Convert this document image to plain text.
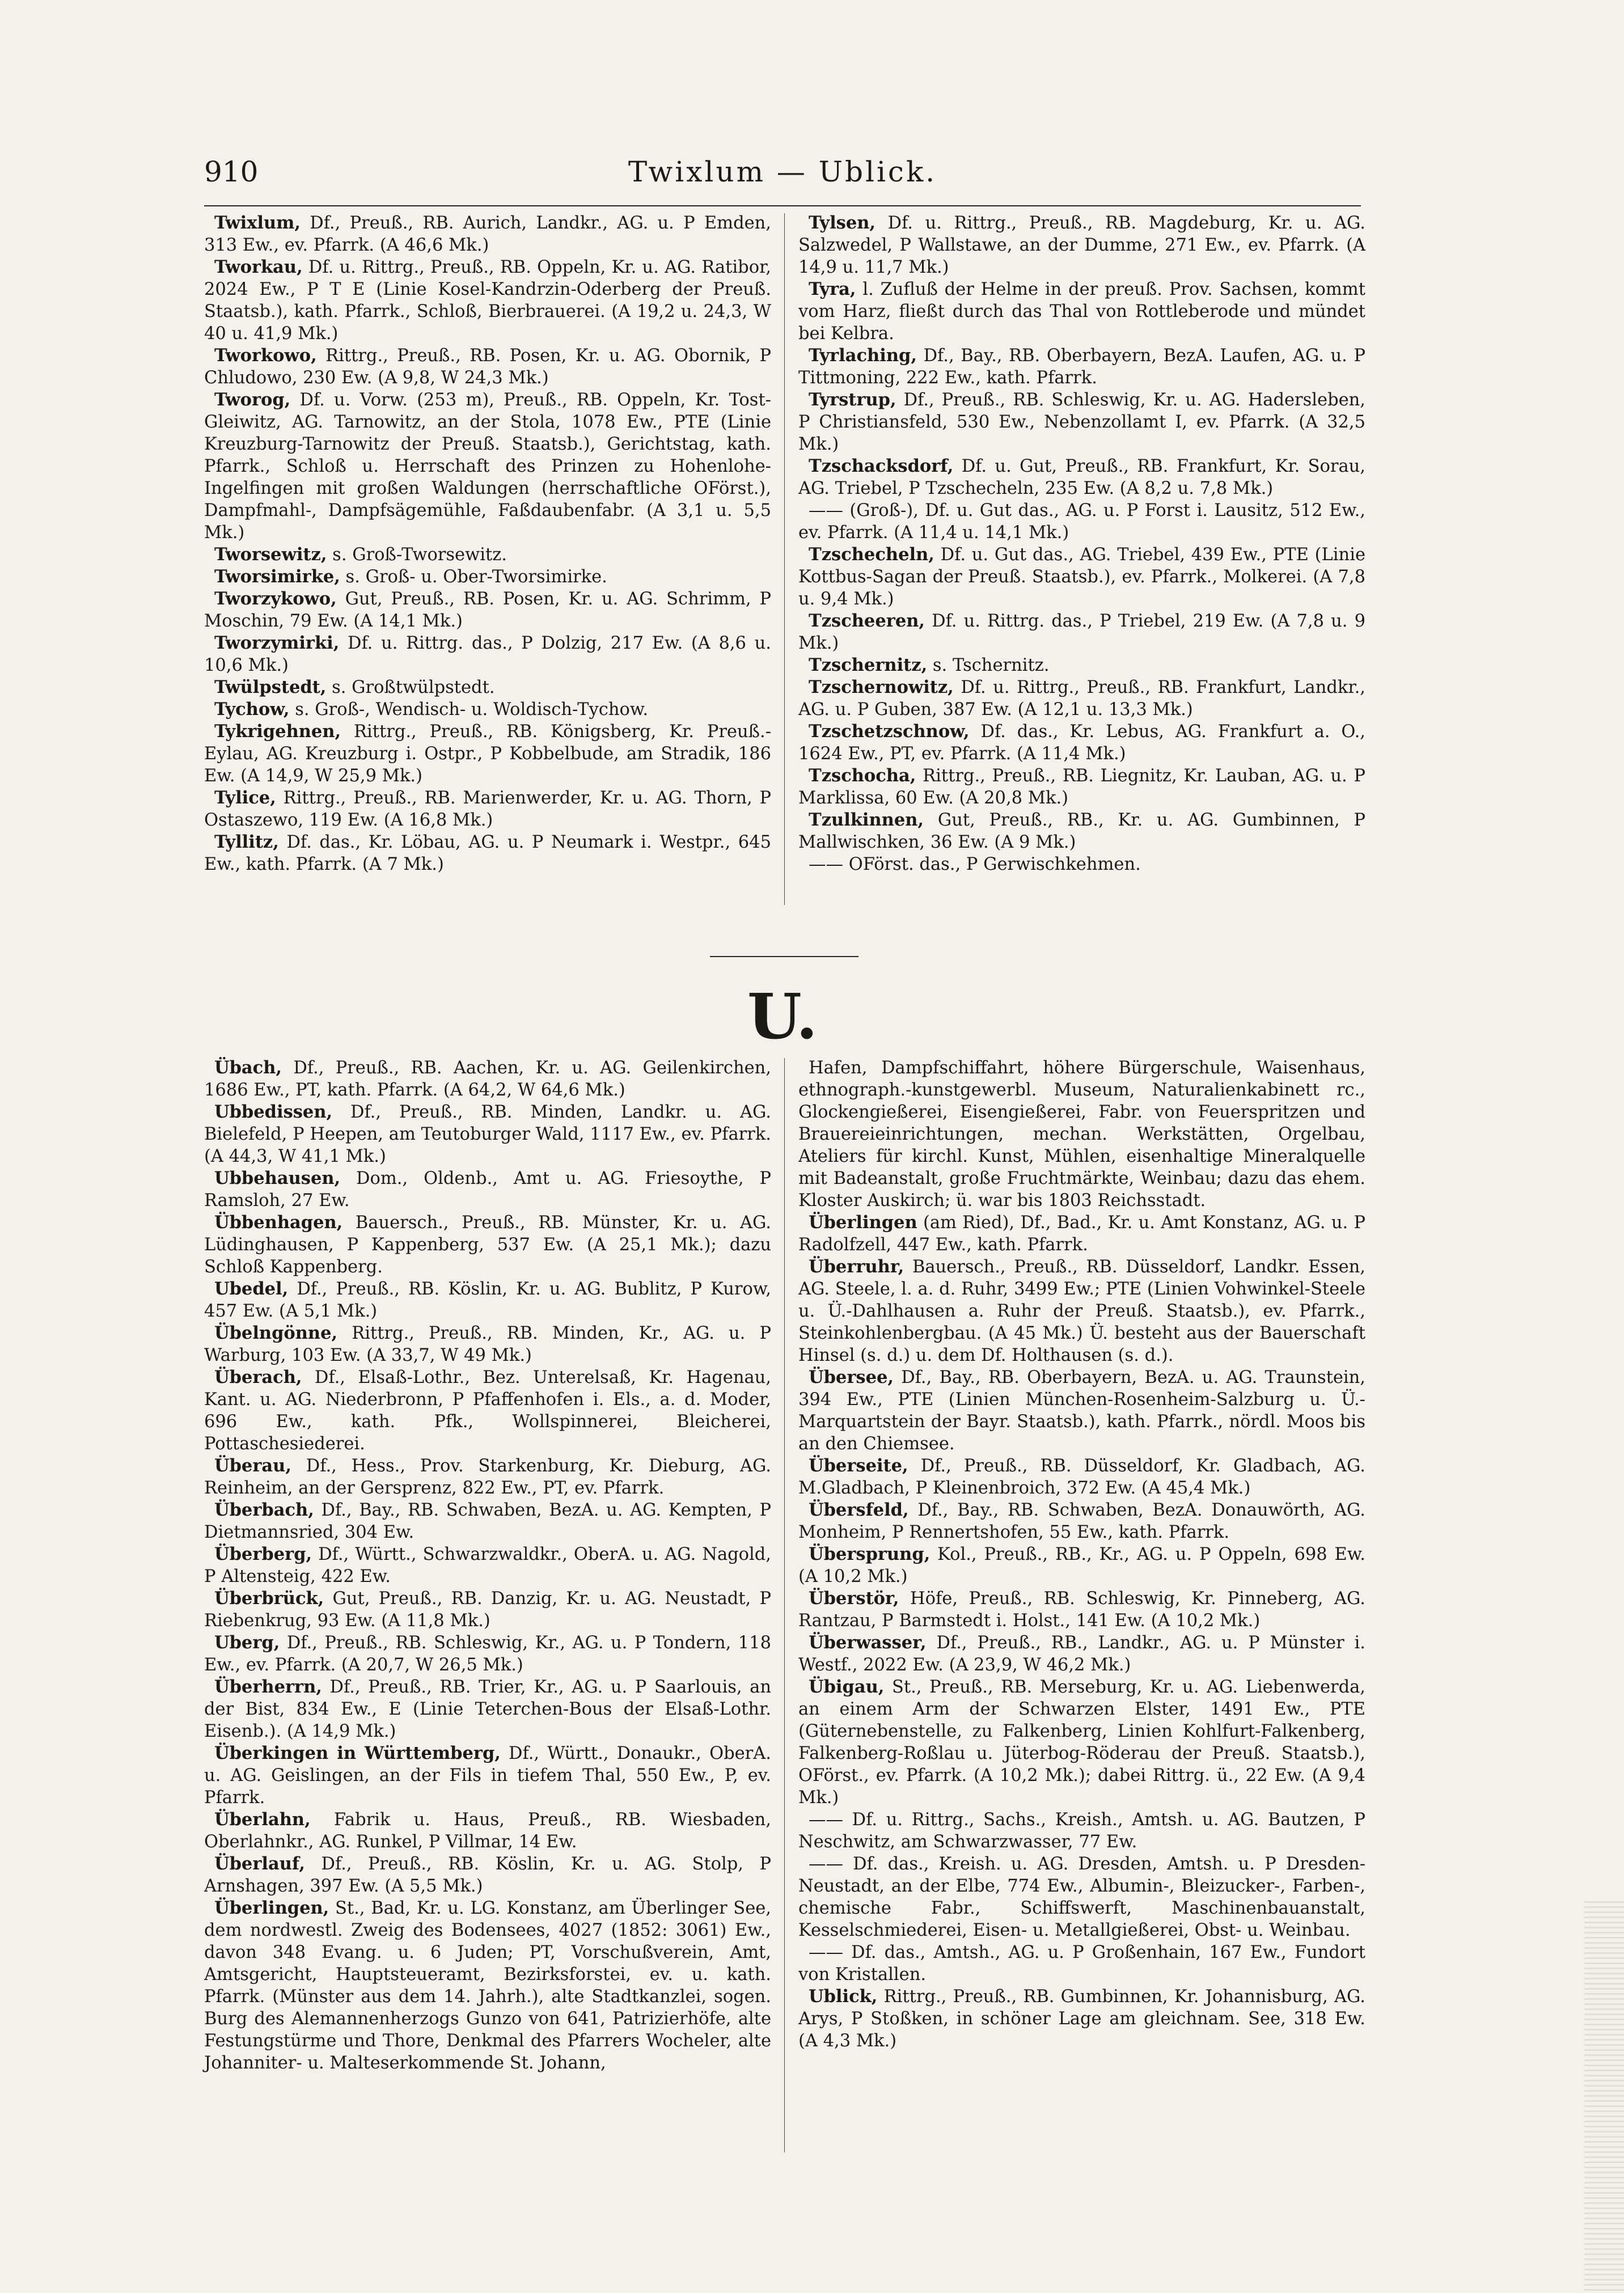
910	Twixlum — Ublick.

Twixlum, Df., Preuß., RB. Aurich, Landkr., AG. u. P Emden, 313 Ew., ev. Pfarrk. (A 46,6 Mk.)

Tworkau, Df. u. Rittrg., Preuß., RB. Oppeln, Kr. u. AG. Ratibor, 2024 Ew., P T E (Linie Kosel-Kandrzin-Oderberg der Preuß. Staatsb.), kath. Pfarrk., Schloß, Bierbrauerei. (A 19,2 u. 24,3, W 40 u. 41,9 Mk.)

Tworkowo, Rittrg., Preuß., RB. Posen, Kr. u. AG. Obornik, P Chludowo, 230 Ew. (A 9,8, W 24,3 Mk.)

Tworog, Df. u. Vorw. (253 m), Preuß., RB. Oppeln, Kr. Tost-Gleiwitz, AG. Tarnowitz, an der Stola, 1078 Ew., PTE (Linie Kreuzburg-Tarnowitz der Preuß. Staatsb.), Gerichtstag, kath. Pfarrk., Schloß u. Herrschaft des Prinzen zu Hohenlohe-Ingelfingen mit großen Waldungen (herrschaftliche OFörst.), Dampfmahl-, Dampfsägemühle, Faßdaubenfabr. (A 3,1 u. 5,5 Mk.)

Tworsewitz, s. Groß-Tworsewitz.

Tworsimirke, s. Groß- u. Ober-Tworsimirke.

Tworzykowo, Gut, Preuß., RB. Posen, Kr. u. AG. Schrimm, P Moschin, 79 Ew. (A 14,1 Mk.)

Tworzymirki, Df. u. Rittrg. das., P Dolzig, 217 Ew. (A 8,6 u. 10,6 Mk.)

Twülpstedt, s. Großtwülpstedt.

Tychow, s. Groß-, Wendisch- u. Woldisch-Tychow.

Tykrigehnen, Rittrg., Preuß., RB. Königsberg, Kr. Preuß.-Eylau, AG. Kreuzburg i. Ostpr., P Kobbelbude, am Stradik, 186 Ew. (A 14,9, W 25,9 Mk.)

Tylice, Rittrg., Preuß., RB. Marienwerder, Kr. u. AG. Thorn, P Ostaszewo, 119 Ew. (A 16,8 Mk.)

Tyllitz, Df. das., Kr. Löbau, AG. u. P Neumark i. Westpr., 645 Ew., kath. Pfarrk. (A 7 Mk.)

Tylsen, Df. u. Rittrg., Preuß., RB. Magdeburg, Kr. u. AG. Salzwedel, P Wallstawe, an der Dumme, 271 Ew., ev. Pfarrk. (A 14,9 u. 11,7 Mk.)

Tyra, l. Zufluß der Helme in der preuß. Prov. Sachsen, kommt vom Harz, fließt durch das Thal von Rottleberode und mündet bei Kelbra.

Tyrlaching, Df., Bay., RB. Oberbayern, BezA. Laufen, AG. u. P Tittmoning, 222 Ew., kath. Pfarrk.

Tyrstrup, Df., Preuß., RB. Schleswig, Kr. u. AG. Hadersleben, P Christiansfeld, 530 Ew., Nebenzollamt I, ev. Pfarrk. (A 32,5 Mk.)

Tzschacksdorf, Df. u. Gut, Preuß., RB. Frankfurt, Kr. Sorau, AG. Triebel, P Tzschecheln, 235 Ew. (A 8,2 u. 7,8 Mk.)

—— (Groß-), Df. u. Gut das., AG. u. P Forst i. Lausitz, 512 Ew., ev. Pfarrk. (A 11,4 u. 14,1 Mk.)

Tzschecheln, Df. u. Gut das., AG. Triebel, 439 Ew., PTE (Linie Kottbus-Sagan der Preuß. Staatsb.), ev. Pfarrk., Molkerei. (A 7,8 u. 9,4 Mk.)

Tzscheeren, Df. u. Rittrg. das., P Triebel, 219 Ew. (A 7,8 u. 9 Mk.)

Tzschernitz, s. Tschernitz.

Tzschernowitz, Df. u. Rittrg., Preuß., RB. Frankfurt, Landkr., AG. u. P Guben, 387 Ew. (A 12,1 u. 13,3 Mk.)

Tzschetzschnow, Df. das., Kr. Lebus, AG. Frankfurt a. O., 1624 Ew., PT, ev. Pfarrk. (A 11,4 Mk.)

Tzschocha, Rittrg., Preuß., RB. Liegnitz, Kr. Lauban, AG. u. P Marklissa, 60 Ew. (A 20,8 Mk.)

Tzulkinnen, Gut, Preuß., RB., Kr. u. AG. Gumbinnen, P Mallwischken, 36 Ew. (A 9 Mk.)

—— OFörst. das., P Gerwischkehmen.

U.

Übach, Df., Preuß., RB. Aachen, Kr. u. AG. Geilenkirchen, 1686 Ew., PT, kath. Pfarrk. (A 64,2, W 64,6 Mk.)

Ubbedissen, Df., Preuß., RB. Minden, Landkr. u. AG. Bielefeld, P Heepen, am Teutoburger Wald, 1117 Ew., ev. Pfarrk. (A 44,3, W 41,1 Mk.)

Ubbehausen, Dom., Oldenb., Amt u. AG. Friesoythe, P Ramsloh, 27 Ew.

Übbenhagen, Bauersch., Preuß., RB. Münster, Kr. u. AG. Lüdinghausen, P Kappenberg, 537 Ew. (A 25,1 Mk.); dazu Schloß Kappenberg.

Ubedel, Df., Preuß., RB. Köslin, Kr. u. AG. Bublitz, P Kurow, 457 Ew. (A 5,1 Mk.)

Übelngönne, Rittrg., Preuß., RB. Minden, Kr., AG. u. P Warburg, 103 Ew. (A 33,7, W 49 Mk.)

Überach, Df., Elsaß-Lothr., Bez. Unterelsaß, Kr. Hagenau, Kant. u. AG. Niederbronn, P Pfaffenhofen i. Els., a. d. Moder, 696 Ew., kath. Pfk., Wollspinnerei, Bleicherei, Pottaschesiederei.

Überau, Df., Hess., Prov. Starkenburg, Kr. Dieburg, AG. Reinheim, an der Gersprenz, 822 Ew., PT, ev. Pfarrk.

Überbach, Df., Bay., RB. Schwaben, BezA. u. AG. Kempten, P Dietmannsried, 304 Ew.

Überberg, Df., Württ., Schwarzwaldkr., OberA. u. AG. Nagold, P Altensteig, 422 Ew.

Überbrück, Gut, Preuß., RB. Danzig, Kr. u. AG. Neustadt, P Riebenkrug, 93 Ew. (A 11,8 Mk.)

Uberg, Df., Preuß., RB. Schleswig, Kr., AG. u. P Tondern, 118 Ew., ev. Pfarrk. (A 20,7, W 26,5 Mk.)

Überherrn, Df., Preuß., RB. Trier, Kr., AG. u. P Saarlouis, an der Bist, 834 Ew., E (Linie Teterchen-Bous der Elsaß-Lothr. Eisenb.). (A 14,9 Mk.)

Überkingen in Württemberg, Df., Württ., Donaukr., OberA. u. AG. Geislingen, an der Fils in tiefem Thal, 550 Ew., P, ev. Pfarrk.

Überlahn, Fabrik u. Haus, Preuß., RB. Wiesbaden, Oberlahnkr., AG. Runkel, P Villmar, 14 Ew.

Überlauf, Df., Preuß., RB. Köslin, Kr. u. AG. Stolp, P Arnshagen, 397 Ew. (A 5,5 Mk.)

Überlingen, St., Bad, Kr. u. LG. Konstanz, am Überlinger See, dem nordwestl. Zweig des Bodensees, 4027 (1852: 3061) Ew., davon 348 Evang. u. 6 Juden; PT, Vorschußverein, Amt, Amtsgericht, Hauptsteueramt, Bezirksforstei, ev. u. kath. Pfarrk. (Münster aus dem 14. Jahrh.), alte Stadtkanzlei, sogen. Burg des Alemannenherzogs Gunzo von 641, Patrizierhöfe, alte Festungstürme und Thore, Denkmal des Pfarrers Wocheler, alte Johanniter- u. Malteserkommende St. Johann,

Hafen, Dampfschiffahrt, höhere Bürgerschule, Waisenhaus, ethnograph.-kunstgewerbl. Museum, Naturalienkabinett rc., Glockengießerei, Eisengießerei, Fabr. von Feuerspritzen und Brauereieinrichtungen, mechan. Werkstätten, Orgelbau, Ateliers für kirchl. Kunst, Mühlen, eisenhaltige Mineralquelle mit Badeanstalt, große Fruchtmärkte, Weinbau; dazu das ehem. Kloster Auskirch; ü. war bis 1803 Reichsstadt.

Überlingen (am Ried), Df., Bad., Kr. u. Amt Konstanz, AG. u. P Radolfzell, 447 Ew., kath. Pfarrk.

Überruhr, Bauersch., Preuß., RB. Düsseldorf, Landkr. Essen, AG. Steele, l. a. d. Ruhr, 3499 Ew.; PTE (Linien Vohwinkel-Steele u. Ü.-Dahlhausen a. Ruhr der Preuß. Staatsb.), ev. Pfarrk., Steinkohlenbergbau. (A 45 Mk.) Ü. besteht aus der Bauerschaft Hinsel (s. d.) u. dem Df. Holthausen (s. d.).

Übersee, Df., Bay., RB. Oberbayern, BezA. u. AG. Traunstein, 394 Ew., PTE (Linien München-Rosenheim-Salzburg u. Ü.-Marquartstein der Bayr. Staatsb.), kath. Pfarrk., nördl. Moos bis an den Chiemsee.

Überseite, Df., Preuß., RB. Düsseldorf, Kr. Gladbach, AG. M.Gladbach, P Kleinenbroich, 372 Ew. (A 45,4 Mk.)

Übersfeld, Df., Bay., RB. Schwaben, BezA. Donauwörth, AG. Monheim, P Rennertshofen, 55 Ew., kath. Pfarrk.

Übersprung, Kol., Preuß., RB., Kr., AG. u. P Oppeln, 698 Ew. (A 10,2 Mk.)

Überstör, Höfe, Preuß., RB. Schleswig, Kr. Pinneberg, AG. Rantzau, P Barmstedt i. Holst., 141 Ew. (A 10,2 Mk.)

Überwasser, Df., Preuß., RB., Landkr., AG. u. P Münster i. Westf., 2022 Ew. (A 23,9, W 46,2 Mk.)

Übigau, St., Preuß., RB. Merseburg, Kr. u. AG. Liebenwerda, an einem Arm der Schwarzen Elster, 1491 Ew., PTE (Güternebenstelle, zu Falkenberg, Linien Kohlfurt-Falkenberg, Falkenberg-Roßlau u. Jüterbog-Röderau der Preuß. Staatsb.), OFörst., ev. Pfarrk. (A 10,2 Mk.); dabei Rittrg. ü., 22 Ew. (A 9,4 Mk.)

—— Df. u. Rittrg., Sachs., Kreish., Amtsh. u. AG. Bautzen, P Neschwitz, am Schwarzwasser, 77 Ew.

—— Df. das., Kreish. u. AG. Dresden, Amtsh. u. P Dresden-Neustadt, an der Elbe, 774 Ew., Albumin-, Bleizucker-, Farben-, chemische Fabr., Schiffswerft, Maschinenbauanstalt, Kesselschmiederei, Eisen- u. Metallgießerei, Obst- u. Weinbau.

—— Df. das., Amtsh., AG. u. P Großenhain, 167 Ew., Fundort von Kristallen.

Ublick, Rittrg., Preuß., RB. Gumbinnen, Kr. Johannisburg, AG. Arys, P Stoßken, in schöner Lage am gleichnam. See, 318 Ew. (A 4,3 Mk.)
